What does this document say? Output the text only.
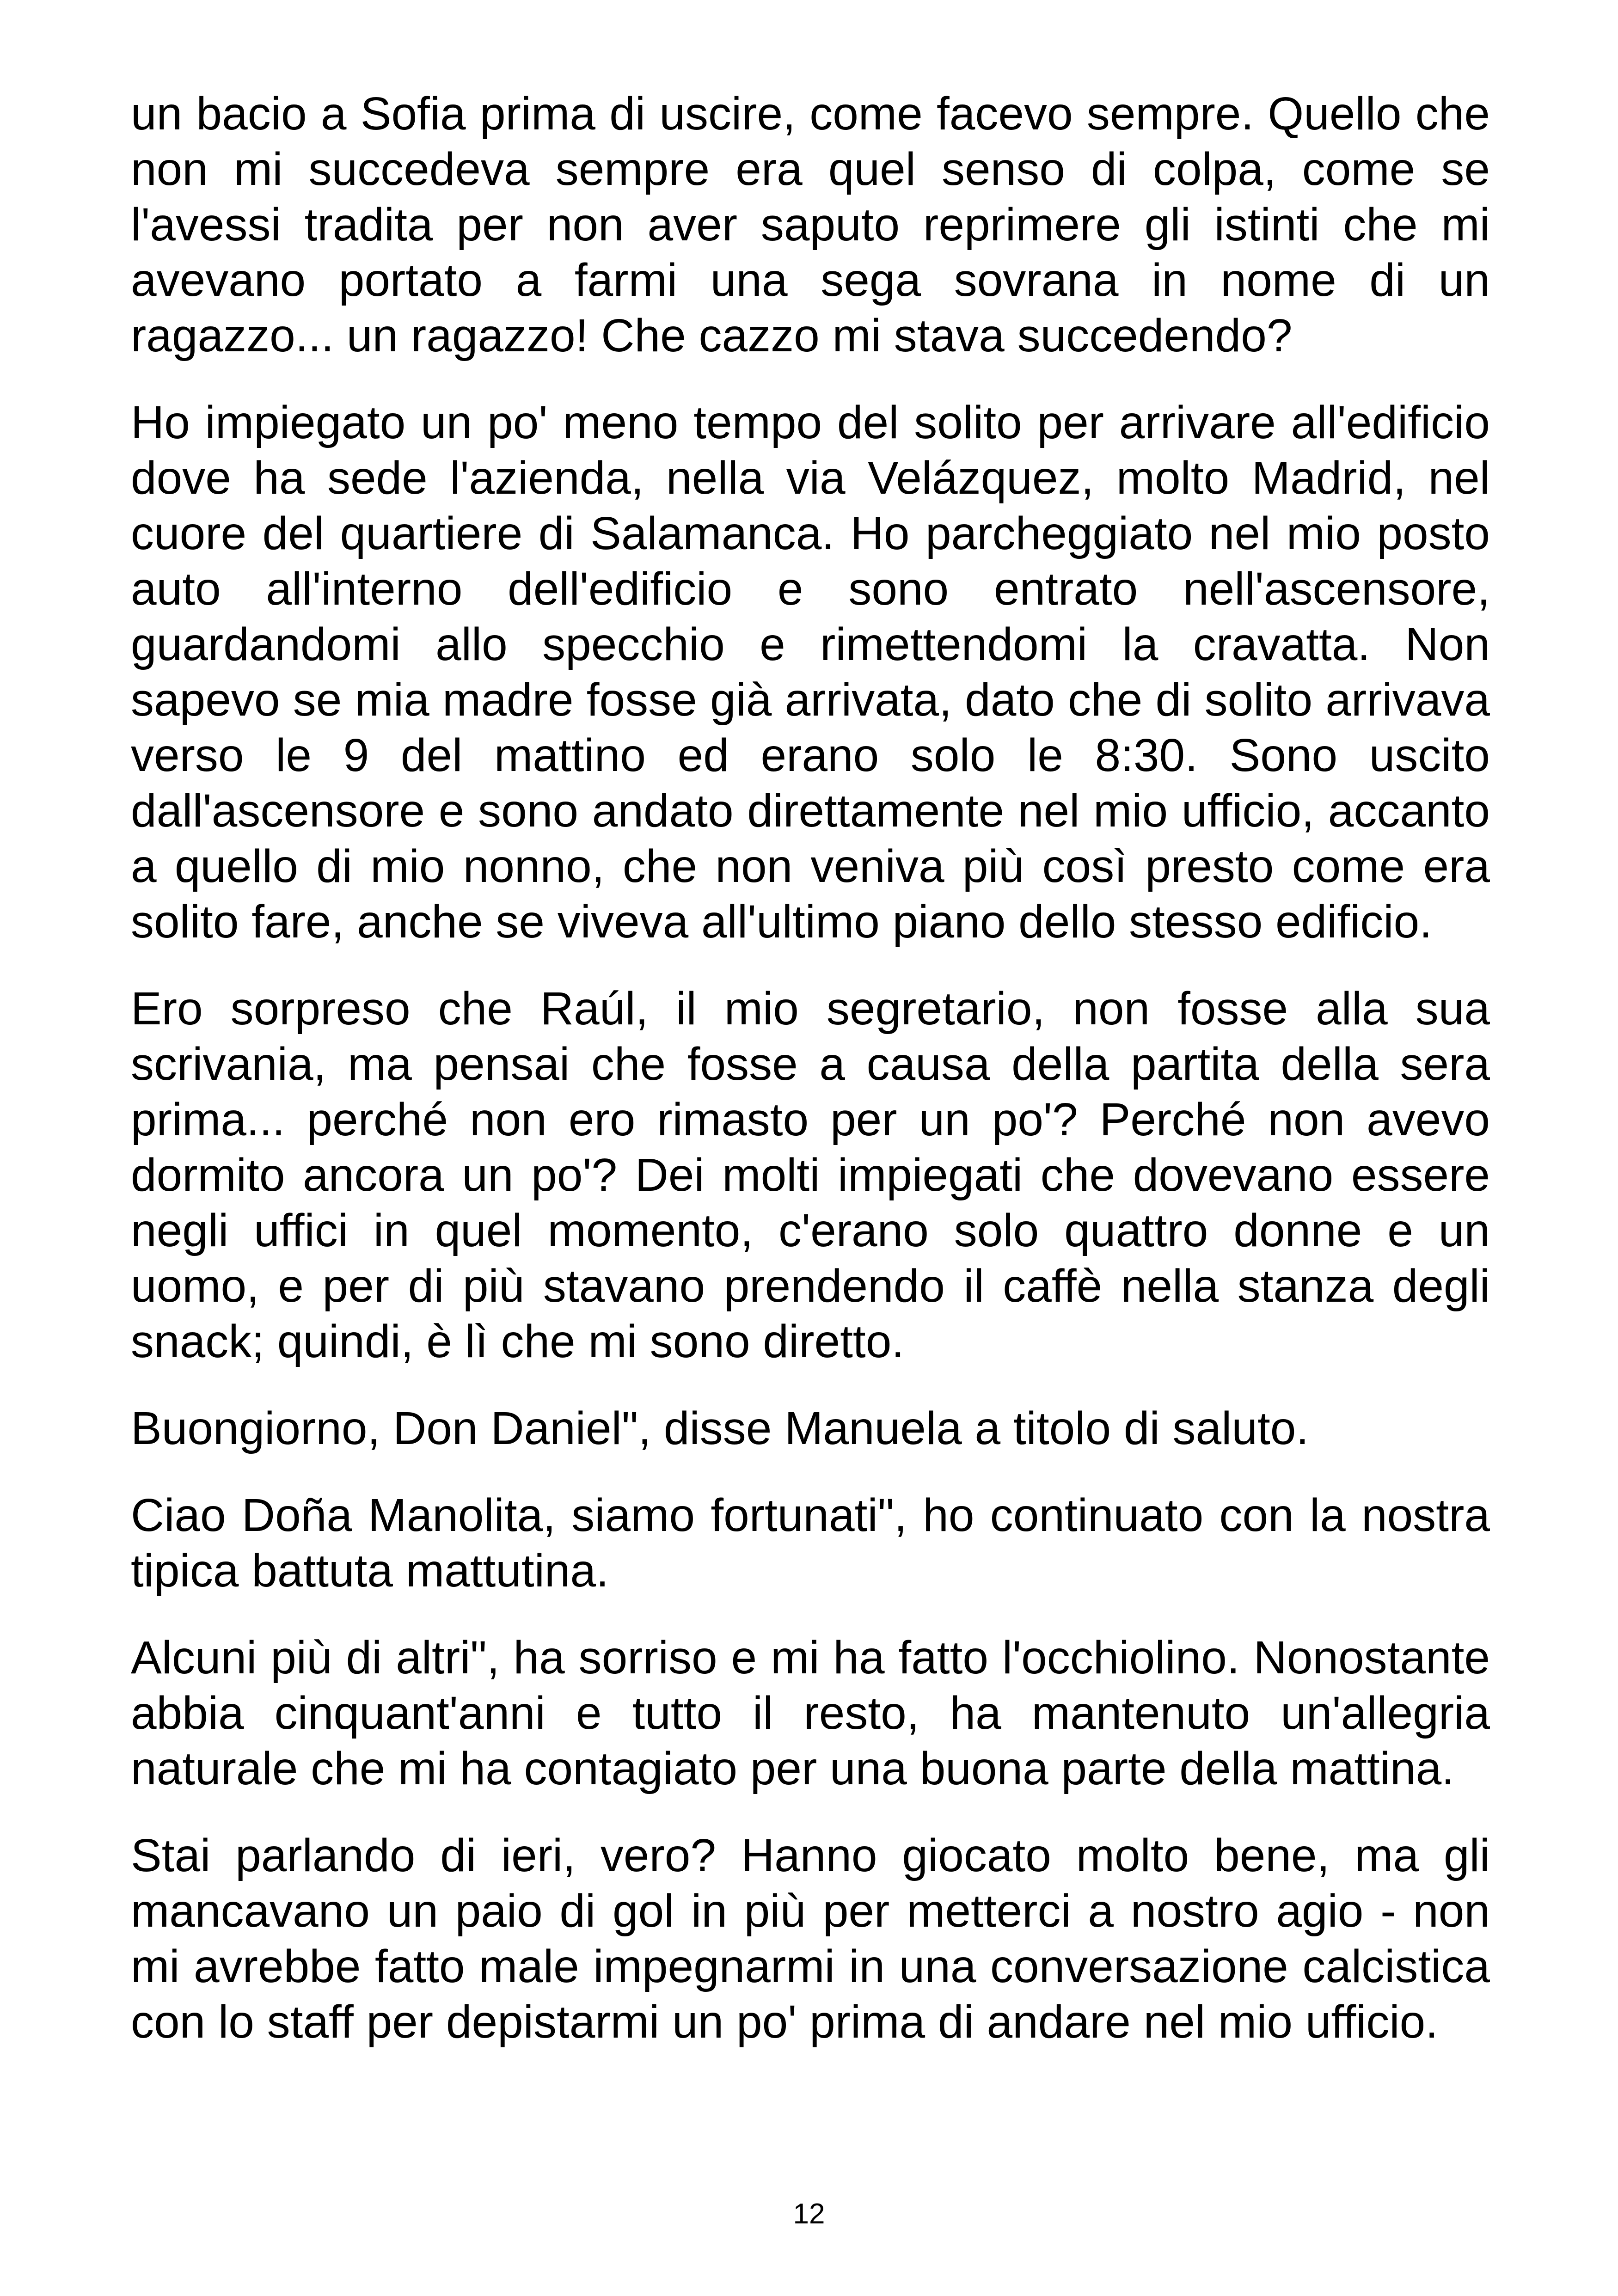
un bacio a Sofia prima di uscire, come facevo sempre. Quello che non mi succedeva sempre era quel senso di colpa, come se l'avessi tradita per non aver saputo reprimere gli istinti che mi avevano portato a farmi una sega sovrana in nome di un ragazzo... un ragazzo! Che cazzo mi stava succedendo?

Ho impiegato un po' meno tempo del solito per arrivare all'edificio dove ha sede l'azienda, nella via Velázquez, molto Madrid, nel cuore del quartiere di Salamanca. Ho parcheggiato nel mio posto auto all'interno dell'edificio e sono entrato nell'ascensore, guardandomi allo specchio e rimettendomi la cravatta. Non sapevo se mia madre fosse già arrivata, dato che di solito arrivava verso le 9 del mattino ed erano solo le 8:30. Sono uscito dall'ascensore e sono andato direttamente nel mio ufficio, accanto a quello di mio nonno, che non veniva più così presto come era solito fare, anche se viveva all'ultimo piano dello stesso edificio.

Ero sorpreso che Raúl, il mio segretario, non fosse alla sua scrivania, ma pensai che fosse a causa della partita della sera prima... perché non ero rimasto per un po'? Perché non avevo dormito ancora un po'? Dei molti impiegati che dovevano essere negli uffici in quel momento, c'erano solo quattro donne e un uomo, e per di più stavano prendendo il caffè nella stanza degli snack; quindi, è lì che mi sono diretto.

Buongiorno, Don Daniel", disse Manuela a titolo di saluto.

Ciao Doña Manolita, siamo fortunati", ho continuato con la nostra tipica battuta mattutina.

Alcuni più di altri", ha sorriso e mi ha fatto l'occhiolino. Nonostante abbia cinquant'anni e tutto il resto, ha mantenuto un'allegria naturale che mi ha contagiato per una buona parte della mattina.

Stai parlando di ieri, vero? Hanno giocato molto bene, ma gli mancavano un paio di gol in più per metterci a nostro agio - non mi avrebbe fatto male impegnarmi in una conversazione calcistica con lo staff per depistarmi un po' prima di andare nel mio ufficio.

12
